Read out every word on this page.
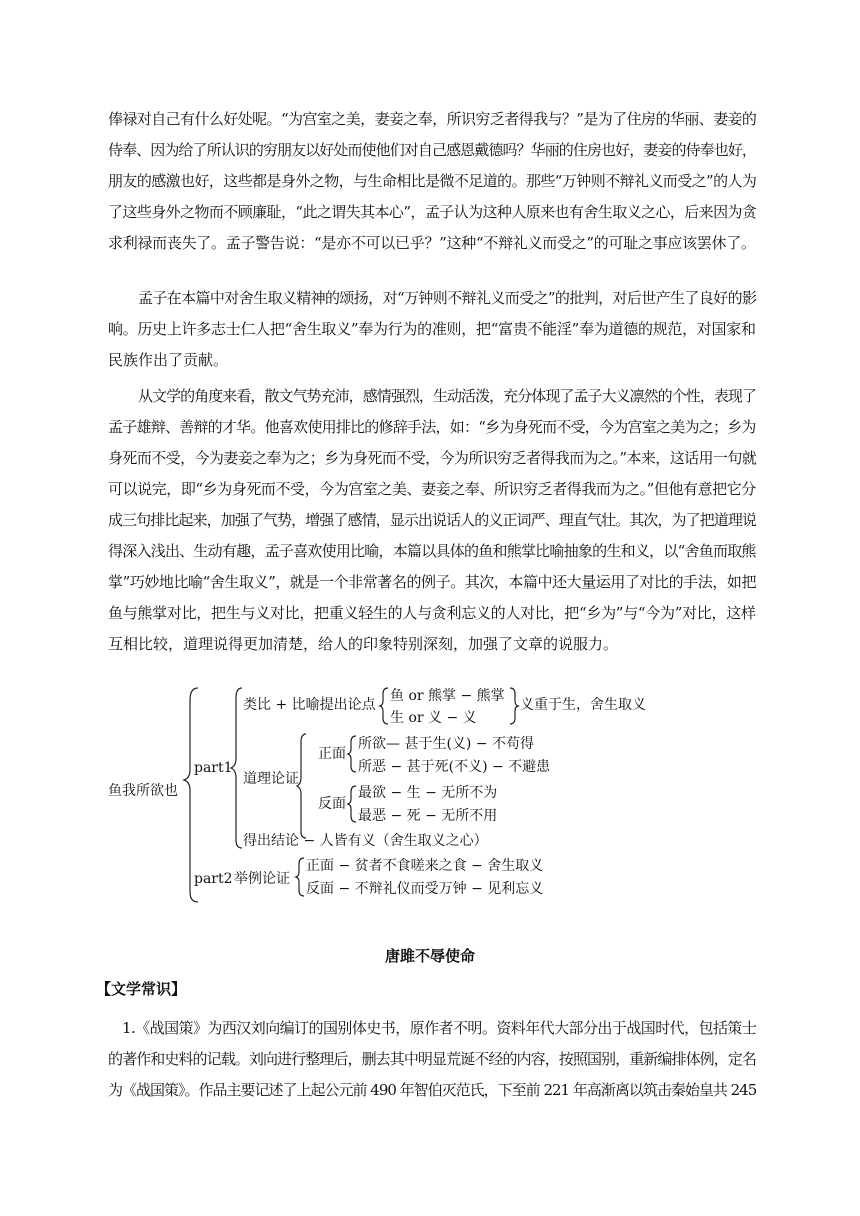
俸禄对自己有什么好处呢。“为宫室之美，妻妾之奉，所识穷乏者得我与？”是为了住房的华丽、妻妾的
侍奉、因为给了所认识的穷朋友以好处而使他们对自己感恩戴德吗？华丽的住房也好，妻妾的侍奉也好，
朋友的感激也好，这些都是身外之物，与生命相比是微不足道的。那些“万钟则不辩礼义而受之”的人为
了这些身外之物而不顾廉耻，“此之谓失其本心”，孟子认为这种人原来也有舍生取义之心，后来因为贪
求利禄而丧失了。孟子警告说：“是亦不可以已乎？”这种“不辩礼义而受之”的可耻之事应该罢休了。
孟子在本篇中对舍生取义精神的颂扬，对“万钟则不辩礼义而受之”的批判，对后世产生了良好的影
响。历史上许多志士仁人把“舍生取义”奉为行为的准则，把“富贵不能淫”奉为道德的规范，对国家和
民族作出了贡献。
从文学的角度来看，散文气势充沛，感情强烈，生动活泼，充分体现了孟子大义凛然的个性，表现了
孟子雄辩、善辩的才华。他喜欢使用排比的修辞手法，如：“乡为身死而不受，今为宫室之美为之；乡为
身死而不受，今为妻妾之奉为之；乡为身死而不受，今为所识穷乏者得我而为之。”本来，这话用一句就
可以说完，即“乡为身死而不受，今为宫室之美、妻妾之奉、所识穷乏者得我而为之。”但他有意把它分
成三句排比起来，加强了气势，增强了感情，显示出说话人的义正词严、理直气壮。其次，为了把道理说
得深入浅出、生动有趣，孟子喜欢使用比喻，本篇以具体的鱼和熊掌比喻抽象的生和义，以“舍鱼而取熊
掌”巧妙地比喻“舍生取义”，就是一个非常著名的例子。其次，本篇中还大量运用了对比的手法，如把
鱼与熊掌对比，把生与义对比，把重义轻生的人与贪利忘义的人对比，把“乡为”与“今为”对比，这样
互相比较，道理说得更加清楚，给人的印象特别深刻，加强了文章的说服力。
鱼我所欲也
part1
part2
类比 + 比喻提出论点
鱼 or 熊掌 − 熊掌
生 or 义 − 义
义重于生，舍生取义
道理论证
正面
反面
所欲— 甚于生(义) − 不苟得
所恶 − 甚于死(不义) − 不避患
最欲 − 生 − 无所不为
最恶 − 死 − 无所不用
得出结论 − 人皆有义（舍生取义之心）
举例论证
正面 − 贫者不食嗟来之食 − 舍生取义
反面 − 不辩礼仪而受万钟 − 见利忘义
唐雎不辱使命
【文学常识】
1.《战国策》为西汉刘向编订的国别体史书，原作者不明。资料年代大部分出于战国时代，包括策士
的著作和史料的记载。刘向进行整理后，删去其中明显荒诞不经的内容，按照国别，重新编排体例，定名
为《战国策》。作品主要记述了上起公元前 490 年智伯灭范氏，下至前 221 年高渐离以筑击秦始皇共 245
